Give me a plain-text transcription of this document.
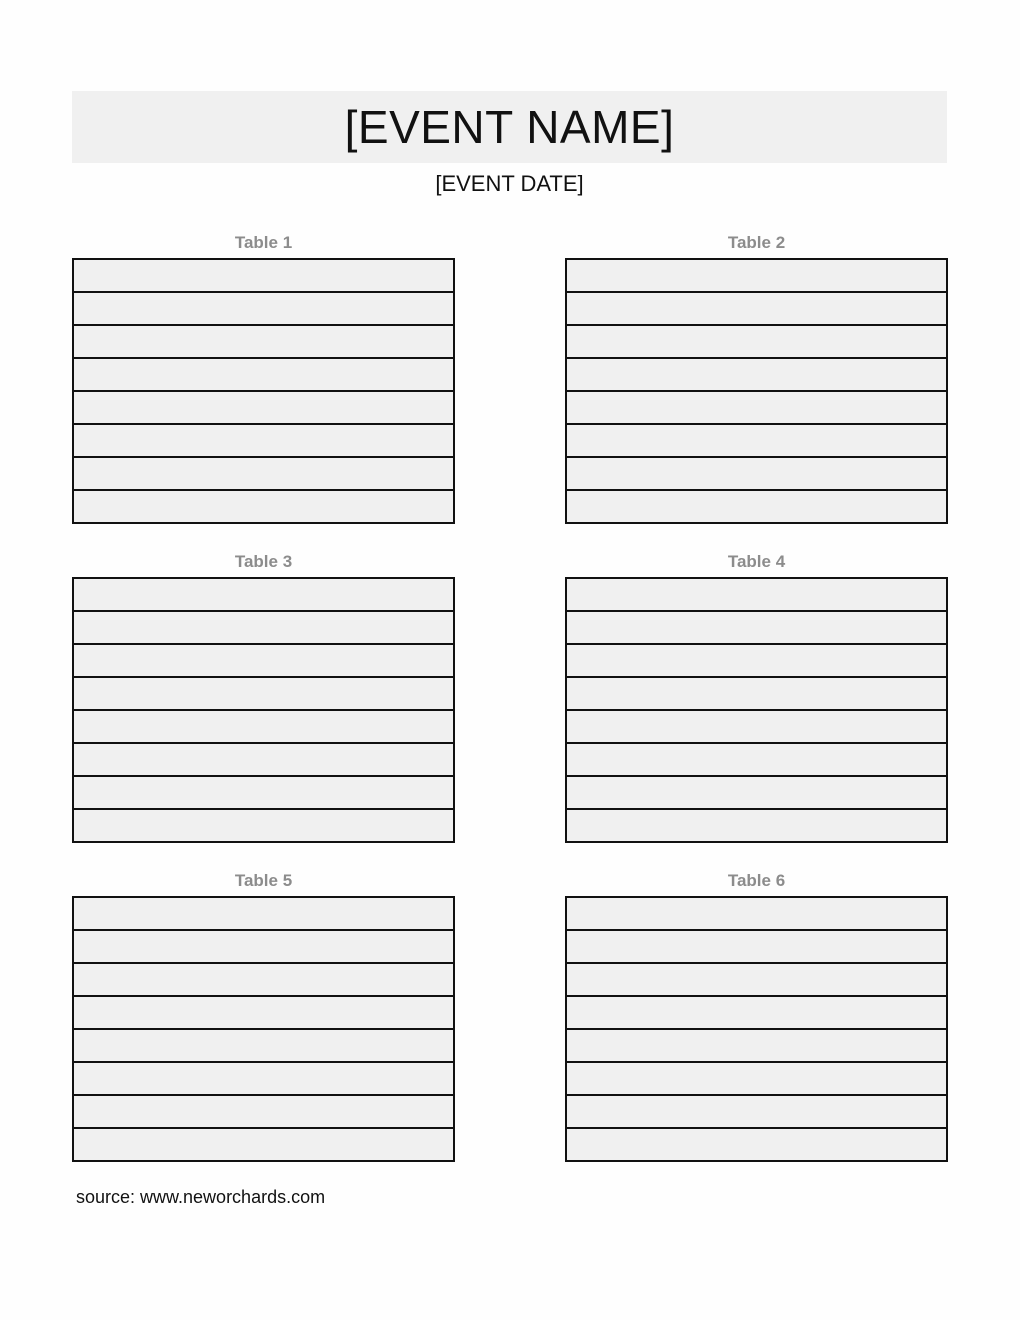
[EVENT NAME]
[EVENT DATE]
Table 1	Table 2
Table 3	Table 4
Table 5	Table 6
source: www.neworchards.com
